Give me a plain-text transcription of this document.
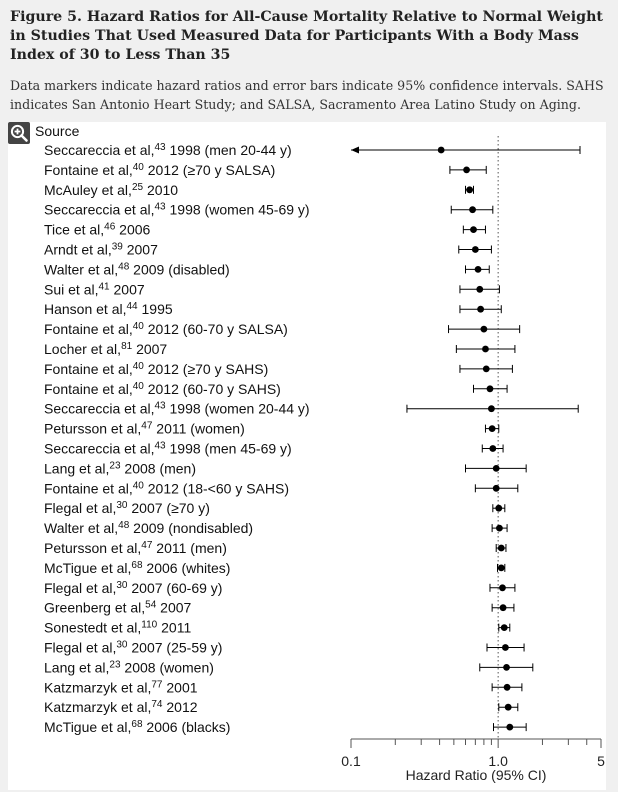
Figure 5. Hazard Ratios for All-Cause Mortality Relative to Normal Weight in Studies That Used Measured Data for Participants With a Body Mass Index of 30 to Less Than 35
Data markers indicate hazard ratios and error bars indicate 95% confidence intervals. SAHS indicates San Antonio Heart Study; and SALSA, Sacramento Area Latino Study on Aging.
Source
Seccareccia et al,$^{43}$ 1998 (men 20-44 y)
Fontaine et al,$^{40}$ 2012 (≥70 y SALSA)
McAuley et al,$^{25}$ 2010
Seccareccia et al,$^{43}$ 1998 (women 45-69 y)
Tice et al,$^{46}$ 2006
Arndt et al,$^{39}$ 2007
Walter et al,$^{48}$ 2009 (disabled)
Sui et al,$^{41}$ 2007
Hanson et al,$^{44}$ 1995
Fontaine et al,$^{40}$ 2012 (60-70 y SALSA)
Locher et al,$^{81}$ 2007
Fontaine et al,$^{40}$ 2012 (≥70 y SAHS)
Fontaine et al,$^{40}$ 2012 (60-70 y SAHS)
Seccareccia et al,$^{43}$ 1998 (women 20-44 y)
Petursson et al,$^{47}$ 2011 (women)
Seccareccia et al,$^{43}$ 1998 (men 45-69 y)
Lang et al,$^{23}$ 2008 (men)
Fontaine et al,$^{40}$ 2012 (18-<60 y SAHS)
Flegal et al,$^{30}$ 2007 (≥70 y)
Walter et al,$^{48}$ 2009 (nondisabled)
Petursson et al,$^{47}$ 2011 (men)
McTigue et al,$^{68}$ 2006 (whites)
Flegal et al,$^{30}$ 2007 (60-69 y)
Greenberg et al,$^{54}$ 2007
Sonestedt et al,$^{110}$ 2011
Flegal et al,$^{30}$ 2007 (25-59 y)
Lang et al,$^{23}$ 2008 (women)
Katzmarzyk et al,$^{77}$ 2001
Katzmarzyk et al,$^{74}$ 2012
McTigue et al,$^{68}$ 2006 (blacks)
0.1	1.0	5
Hazard Ratio (95% CI)
